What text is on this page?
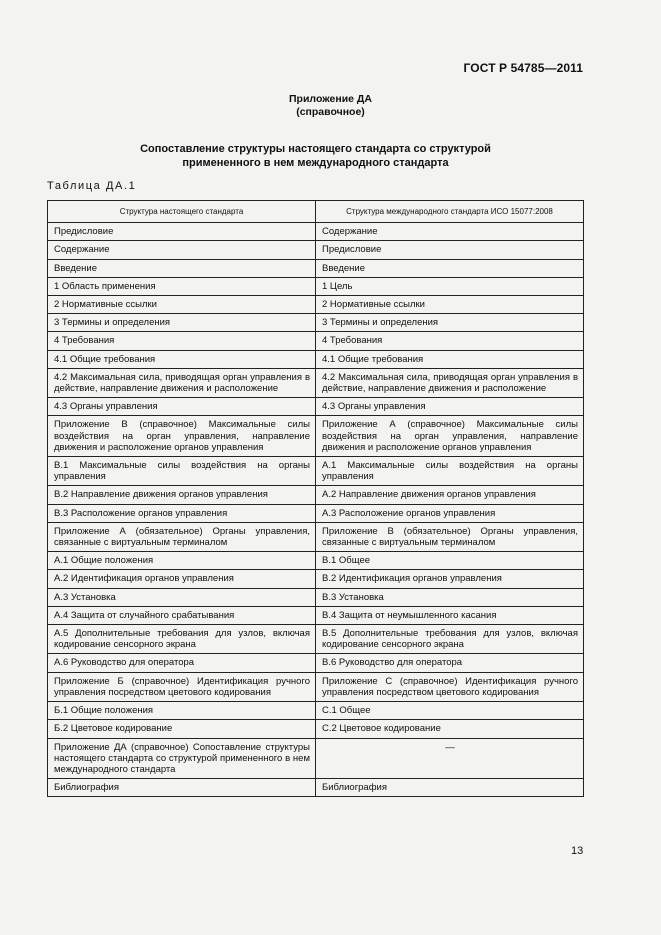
ГОСТ Р 54785—2011
Приложение ДА
(справочное)
Сопоставление структуры настоящего стандарта со структурой
примененного в нем международного стандарта
Таблица ДА.1
Структура настоящего стандарта	Структура международного стандарта ИСО 15077:2008
Предисловие	Содержание
Содержание	Предисловие
Введение	Введение
1 Область применения	1 Цель
2 Нормативные ссылки	2 Нормативные ссылки
3 Термины и определения	3 Термины и определения
4 Требования	4 Требования
4.1 Общие требования	4.1 Общие требования
4.2 Максимальная сила, приводящая орган управления в действие, направление движения и расположение	4.2 Максимальная сила, приводящая орган управления в действие, направление движения и расположение
4.3 Органы управления	4.3 Органы управления
Приложение В (справочное) Максимальные силы воздействия на орган управления, направление движения и расположение органов управления	Приложение А (справочное) Максимальные силы воздействия на орган управления, направление движения и расположение органов управления
В.1 Максимальные силы воздействия на органы управления	А.1 Максимальные силы воздействия на органы управления
В.2 Направление движения органов управления	А.2 Направление движения органов управления
В.3 Расположение органов управления	А.3 Расположение органов управления
Приложение А (обязательное) Органы управления, связанные с виртуальным терминалом	Приложение В (обязательное) Органы управления, связанные с виртуальным терминалом
А.1 Общие положения	В.1 Общее
А.2 Идентификация органов управления	В.2 Идентификация органов управления
А.3 Установка	В.3 Установка
А.4 Защита от случайного срабатывания	В.4 Защита от неумышленного касания
А.5 Дополнительные требования для узлов, включая кодирование сенсорного экрана	В.5 Дополнительные требования для узлов, включая кодирование сенсорного экрана
А.6 Руководство для оператора	В.6 Руководство для оператора
Приложение Б (справочное) Идентификация ручного управления посредством цветового кодирования	Приложение С (справочное) Идентификация ручного управления посредством цветового кодирования
Б.1 Общие положения	С.1 Общее
Б.2 Цветовое кодирование	С.2 Цветовое кодирование
Приложение ДА (справочное) Сопоставление структуры настоящего стандарта со структурой примененного в нем международного стандарта	—
Библиография	Библиография
13
